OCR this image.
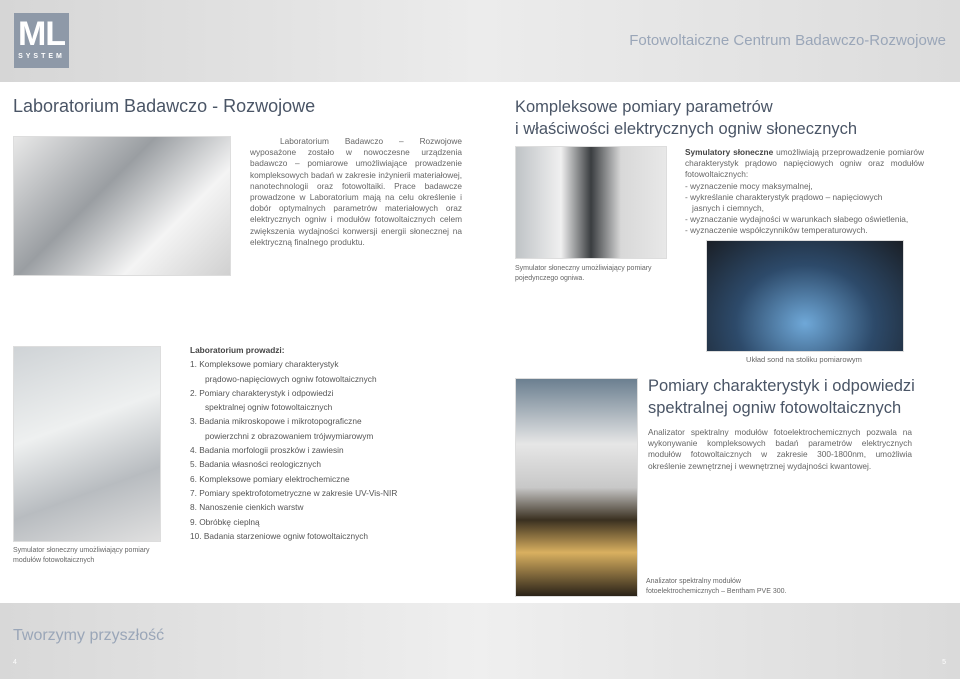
ML
SYSTEM
Fotowoltaiczne Centrum Badawczo-Rozwojowe
Laboratorium Badawczo - Rozwojowe
Laboratorium Badawczo – Rozwojowe wyposażone zostało w nowoczesne urządzenia badawczo – pomiarowe umożliwiające prowadzenie kompleksowych badań w zakresie inżynierii materiałowej, nanotechnologii oraz fotowoltaiki. Prace badawcze prowadzone w Laboratorium mają na celu określenie i dobór optymalnych parametrów materiałowych oraz elektrycznych ogniw i modułów fotowoltaicznych celem zwiększenia wydajności konwersji energii słonecznej na elektryczną finalnego produktu.
Symulator słoneczny umożliwiający pomiary modułów fotowoltaicznych
Laboratorium prowadzi:
1. Kompleksowe pomiary charakterystyk
prądowo-napięciowych ogniw fotowoltaicznych
2. Pomiary charakterystyk i odpowiedzi
spektralnej ogniw fotowoltaicznych
3. Badania mikroskopowe i mikrotopograficzne
powierzchni z obrazowaniem trójwymiarowym
4. Badania morfologii proszków i zawiesin
5. Badania własności reologicznych
6. Kompleksowe pomiary elektrochemiczne
7. Pomiary spektrofotometryczne w zakresie UV-Vis-NIR
8. Nanoszenie cienkich warstw
9. Obróbkę cieplną
10. Badania starzeniowe ogniw fotowoltaicznych
Kompleksowe pomiary parametrów
i właściwości elektrycznych ogniw słonecznych
Symulator słoneczny umożliwiający pomiary pojedynczego ogniwa.
Symulatory słoneczne umożliwiają przeprowadzenie pomiarów charakterystyk prądowo napięciowych ogniw oraz modułów fotowoltaicznych:
- wyznaczenie mocy maksymalnej,
- wykreślanie charakterystyk prądowo – napięciowych
jasnych i ciemnych,
- wyznaczanie wydajności w warunkach słabego oświetlenia,
- wyznaczenie współczynników temperaturowych.
Układ sond na stoliku pomiarowym
Pomiary charakterystyk i odpowiedzi spektralnej ogniw fotowoltaicznych
Analizator spektralny modułów fotoelektrochemicznych pozwala na wykonywanie kompleksowych badań parametrów elektrycznych modułów fotowoltaicznych w zakresie 300-1800nm, umożliwia określenie zewnętrznej i wewnętrznej wydajności kwantowej.
Analizator spektralny modułów fotoelektrochemicznych – Bentham PVE 300.
Tworzymy przyszłość
4	5
